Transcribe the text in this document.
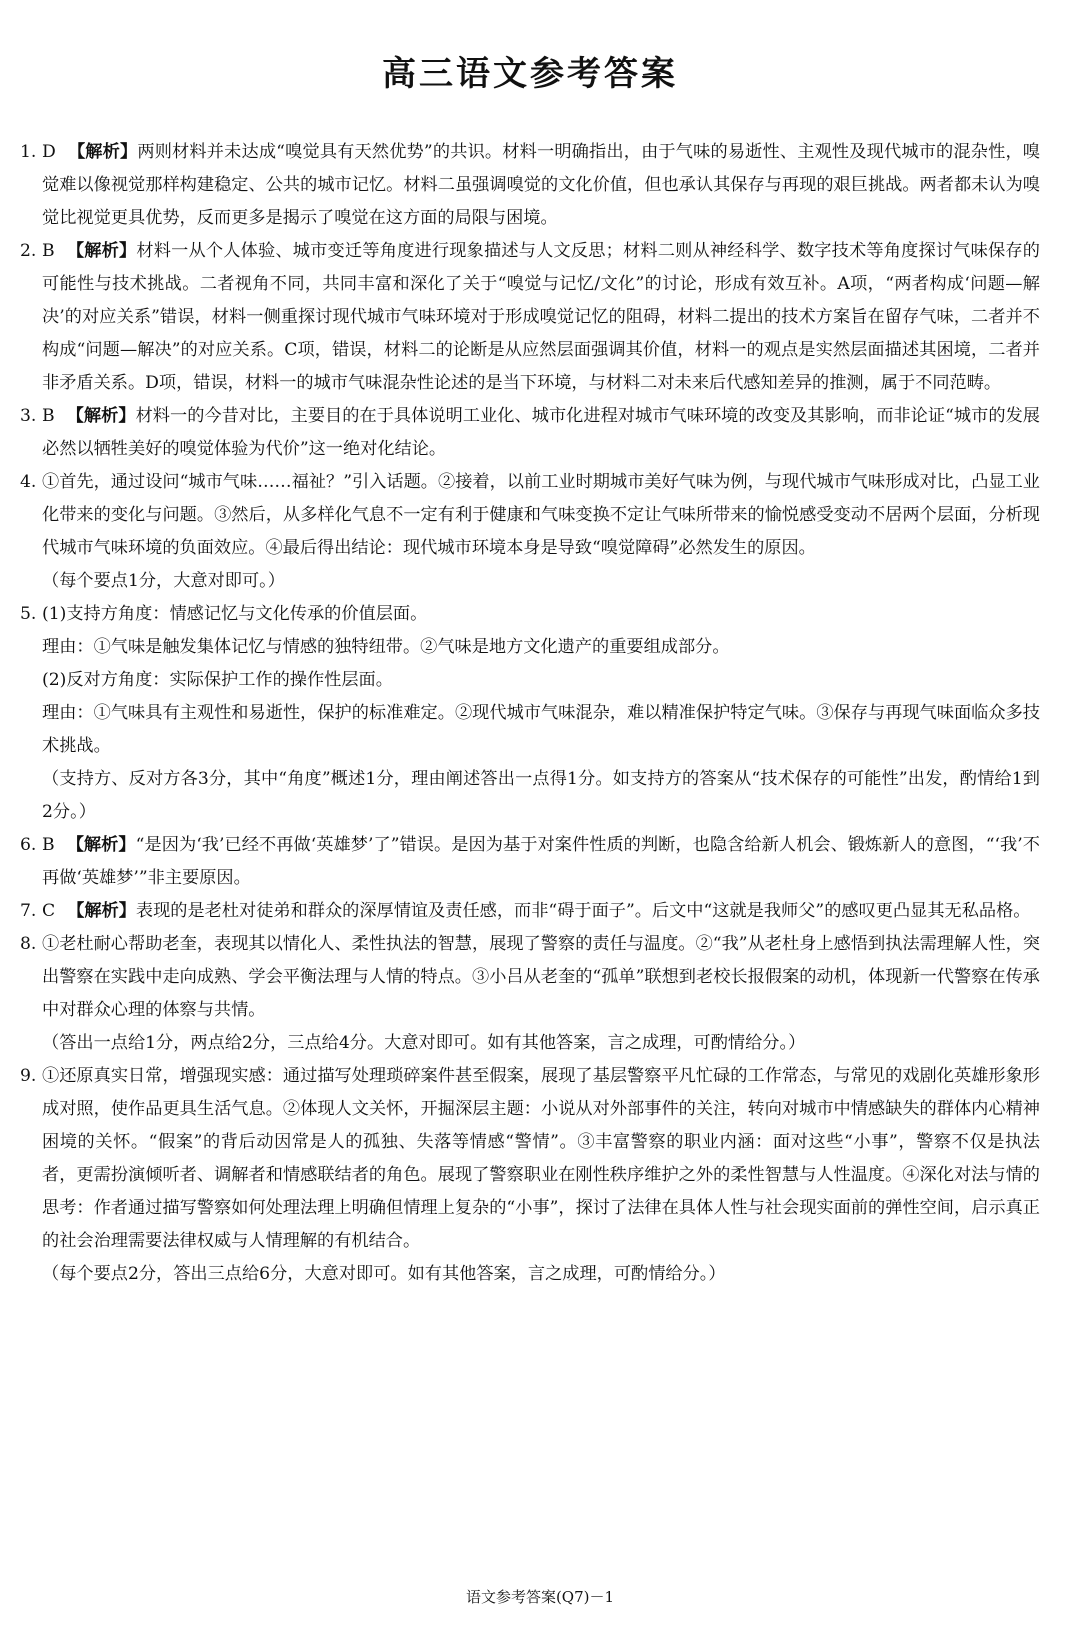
高三语文参考答案
1. D 【解析】两则材料并未达成“嗅觉具有天然优势”的共识。材料一明确指出，由于气味的易逝性、主观性及现代城市的混杂性，嗅觉难以像视觉那样构建稳定、公共的城市记忆。材料二虽强调嗅觉的文化价值，但也承认其保存与再现的艰巨挑战。两者都未认为嗅觉比视觉更具优势，反而更多是揭示了嗅觉在这方面的局限与困境。

2. B 【解析】材料一从个人体验、城市变迁等角度进行现象描述与人文反思；材料二则从神经科学、数字技术等角度探讨气味保存的可能性与技术挑战。二者视角不同，共同丰富和深化了关于“嗅觉与记忆/文化”的讨论，形成有效互补。A项，“两者构成‘问题—解决’的对应关系”错误，材料一侧重探讨现代城市气味环境对于形成嗅觉记忆的阻碍，材料二提出的技术方案旨在留存气味，二者并不构成“问题—解决”的对应关系。C项，错误，材料二的论断是从应然层面强调其价值，材料一的观点是实然层面描述其困境，二者并非矛盾关系。D项，错误，材料一的城市气味混杂性论述的是当下环境，与材料二对未来后代感知差异的推测，属于不同范畴。

3. B 【解析】材料一的今昔对比，主要目的在于具体说明工业化、城市化进程对城市气味环境的改变及其影响，而非论证“城市的发展必然以牺牲美好的嗅觉体验为代价”这一绝对化结论。

4. ①首先，通过设问“城市气味……福祉？”引入话题。②接着，以前工业时期城市美好气味为例，与现代城市气味形成对比，凸显工业化带来的变化与问题。③然后，从多样化气息不一定有利于健康和气味变换不定让气味所带来的愉悦感受变动不居两个层面，分析现代城市气味环境的负面效应。④最后得出结论：现代城市环境本身是导致“嗅觉障碍”必然发生的原因。

（每个要点1分，大意对即可。）

5. (1)支持方角度：情感记忆与文化传承的价值层面。

理由：①气味是触发集体记忆与情感的独特纽带。②气味是地方文化遗产的重要组成部分。

(2)反对方角度：实际保护工作的操作性层面。

理由：①气味具有主观性和易逝性，保护的标准难定。②现代城市气味混杂，难以精准保护特定气味。③保存与再现气味面临众多技术挑战。

（支持方、反对方各3分，其中“角度”概述1分，理由阐述答出一点得1分。如支持方的答案从“技术保存的可能性”出发，酌情给1到2分。）

6. B 【解析】“是因为‘我’已经不再做‘英雄梦’了”错误。是因为基于对案件性质的判断，也隐含给新人机会、锻炼新人的意图，“‘我’不再做‘英雄梦’”非主要原因。

7. C 【解析】表现的是老杜对徒弟和群众的深厚情谊及责任感，而非“碍于面子”。后文中“这就是我师父”的感叹更凸显其无私品格。

8. ①老杜耐心帮助老奎，表现其以情化人、柔性执法的智慧，展现了警察的责任与温度。②“我”从老杜身上感悟到执法需理解人性，突出警察在实践中走向成熟、学会平衡法理与人情的特点。③小吕从老奎的“孤单”联想到老校长报假案的动机，体现新一代警察在传承中对群众心理的体察与共情。

（答出一点给1分，两点给2分，三点给4分。大意对即可。如有其他答案，言之成理，可酌情给分。）

9. ①还原真实日常，增强现实感：通过描写处理琐碎案件甚至假案，展现了基层警察平凡忙碌的工作常态，与常见的戏剧化英雄形象形成对照，使作品更具生活气息。②体现人文关怀，开掘深层主题：小说从对外部事件的关注，转向对城市中情感缺失的群体内心精神困境的关怀。“假案”的背后动因常是人的孤独、失落等情感“警情”。③丰富警察的职业内涵：面对这些“小事”，警察不仅是执法者，更需扮演倾听者、调解者和情感联结者的角色。展现了警察职业在刚性秩序维护之外的柔性智慧与人性温度。④深化对法与情的思考：作者通过描写警察如何处理法理上明确但情理上复杂的“小事”，探讨了法律在具体人性与社会现实面前的弹性空间，启示真正的社会治理需要法律权威与人情理解的有机结合。

（每个要点2分，答出三点给6分，大意对即可。如有其他答案，言之成理，可酌情给分。）

语文参考答案(Q7)－1
